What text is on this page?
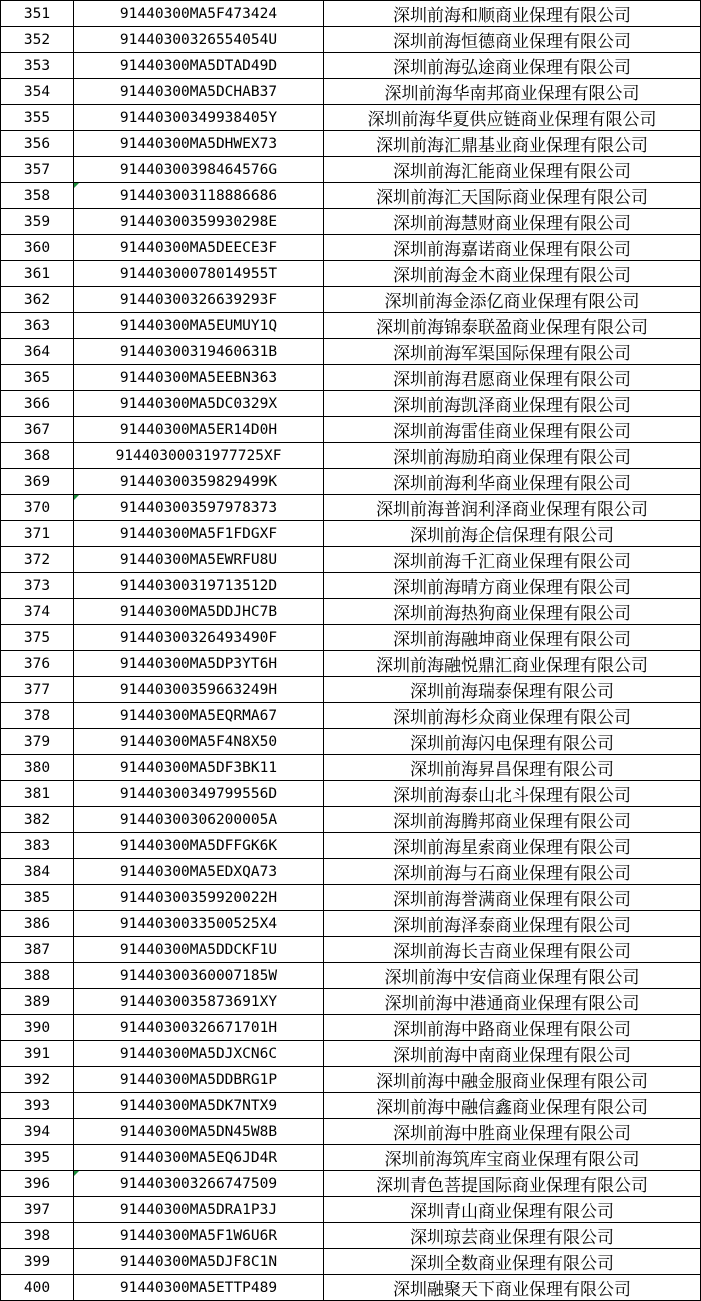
351	91440300MA5F473424	深圳前海和顺商业保理有限公司
352	91440300326554054U	深圳前海恒德商业保理有限公司
353	91440300MA5DTAD49D	深圳前海弘途商业保理有限公司
354	91440300MA5DCHAB37	深圳前海华南邦商业保理有限公司
355	91440300349938405Y	深圳前海华夏供应链商业保理有限公司
356	91440300MA5DHWEX73	深圳前海汇鼎基业商业保理有限公司
357	91440300398464576G	深圳前海汇能商业保理有限公司
358	914403003118886686	深圳前海汇天国际商业保理有限公司
359	91440300359930298E	深圳前海慧财商业保理有限公司
360	91440300MA5DEECE3F	深圳前海嘉诺商业保理有限公司
361	91440300078014955T	深圳前海金木商业保理有限公司
362	91440300326639293F	深圳前海金添亿商业保理有限公司
363	91440300MA5EUMUY1Q	深圳前海锦泰联盈商业保理有限公司
364	91440300319460631B	深圳前海军渠国际保理有限公司
365	91440300MA5EEBN363	深圳前海君愿商业保理有限公司
366	91440300MA5DC0329X	深圳前海凯泽商业保理有限公司
367	91440300MA5ER14D0H	深圳前海雷佳商业保理有限公司
368	91440300031977725XF	深圳前海励珀商业保理有限公司
369	91440300359829499K	深圳前海利华商业保理有限公司
370	914403003597978373	深圳前海普润利泽商业保理有限公司
371	91440300MA5F1FDGXF	深圳前海企信保理有限公司
372	91440300MA5EWRFU8U	深圳前海千汇商业保理有限公司
373	91440300319713512D	深圳前海晴方商业保理有限公司
374	91440300MA5DDJHC7B	深圳前海热狗商业保理有限公司
375	91440300326493490F	深圳前海融坤商业保理有限公司
376	91440300MA5DP3YT6H	深圳前海融悦鼎汇商业保理有限公司
377	91440300359663249H	深圳前海瑞泰保理有限公司
378	91440300MA5EQRMA67	深圳前海杉众商业保理有限公司
379	91440300MA5F4N8X50	深圳前海闪电保理有限公司
380	91440300MA5DF3BK11	深圳前海昇昌保理有限公司
381	91440300349799556D	深圳前海泰山北斗保理有限公司
382	91440300306200005A	深圳前海腾邦商业保理有限公司
383	91440300MA5DFFGK6K	深圳前海星索商业保理有限公司
384	91440300MA5EDXQA73	深圳前海与石商业保理有限公司
385	91440300359920022H	深圳前海誉满商业保理有限公司
386	9144030033500525X4	深圳前海泽泰商业保理有限公司
387	91440300MA5DDCKF1U	深圳前海长吉商业保理有限公司
388	91440300360007185W	深圳前海中安信商业保理有限公司
389	9144030035873691XY	深圳前海中港通商业保理有限公司
390	91440300326671701H	深圳前海中路商业保理有限公司
391	91440300MA5DJXCN6C	深圳前海中南商业保理有限公司
392	91440300MA5DDBRG1P	深圳前海中融金服商业保理有限公司
393	91440300MA5DK7NTX9	深圳前海中融信鑫商业保理有限公司
394	91440300MA5DN45W8B	深圳前海中胜商业保理有限公司
395	91440300MA5EQ6JD4R	深圳前海筑库宝商业保理有限公司
396	914403003266747509	深圳青色菩提国际商业保理有限公司
397	91440300MA5DRA1P3J	深圳青山商业保理有限公司
398	91440300MA5F1W6U6R	深圳琼芸商业保理有限公司
399	91440300MA5DJF8C1N	深圳全数商业保理有限公司
400	91440300MA5ETTP489	深圳融聚天下商业保理有限公司
